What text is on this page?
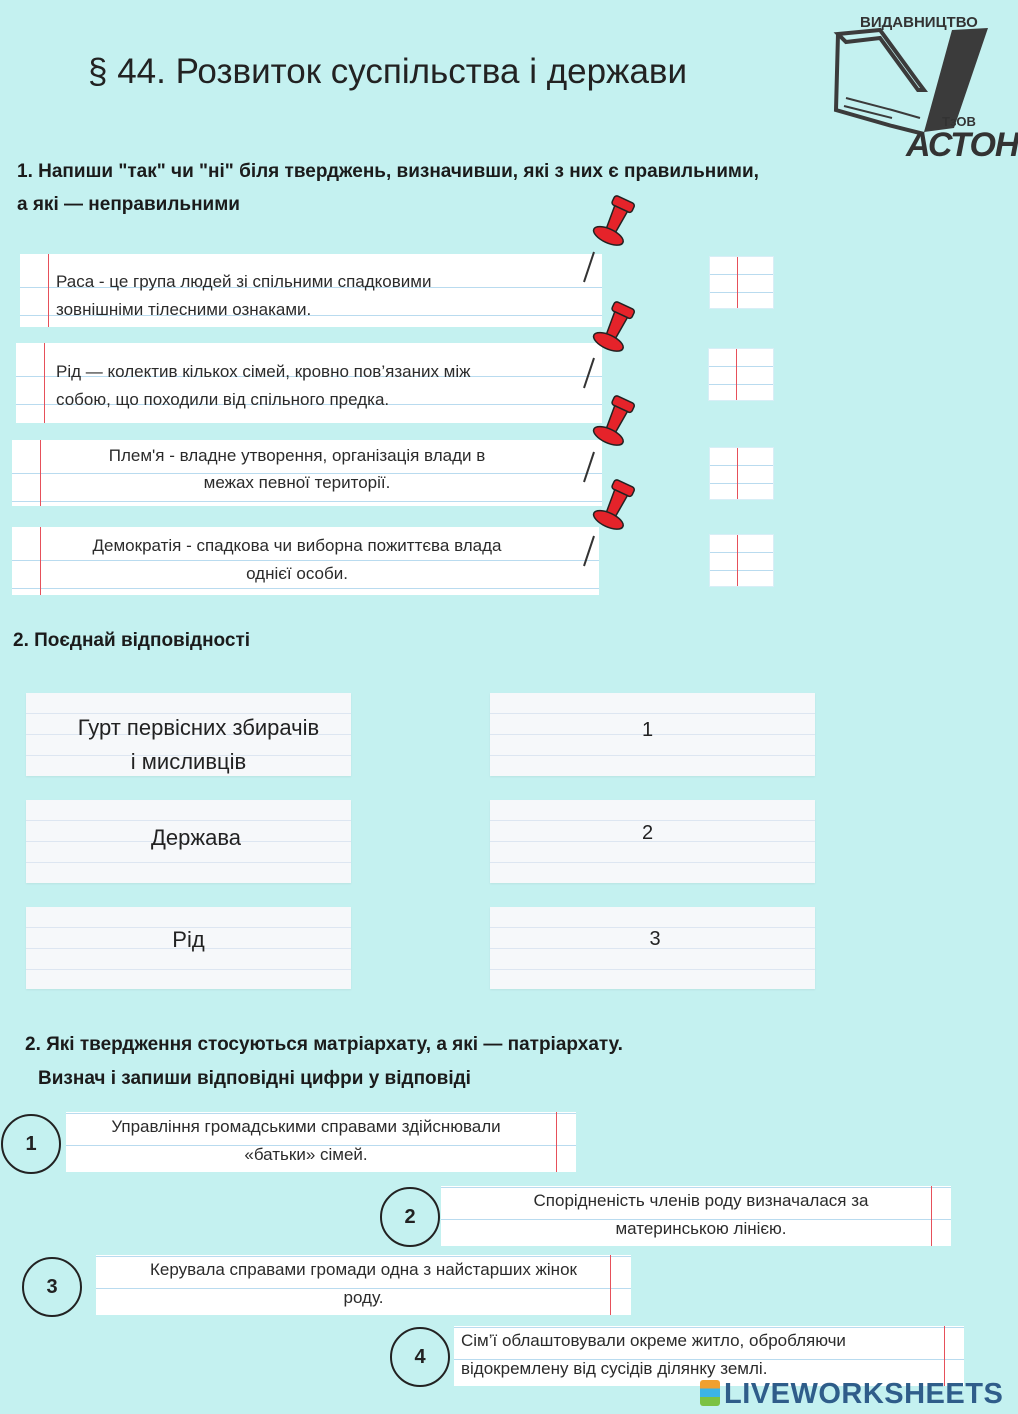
ВИДАВНИЦТВО
ТзОВ
АСТОН
§ 44. Розвиток суспільства і держави
1. Напиши "так" чи "ні" біля тверджень, визначивши, які з них є правильними,
а які — неправильними
Раса - це група людей зі спільними спадковими
зовнішніми тілесними ознаками.
Рід — колектив кількох сімей, кровно пов’язаних між
собою, що походили від спільного предка.
Плем'я - владне утворення, організація влади в
межах певної території.
Демократія - спадкова чи виборна пожиттєва влада
однієї особи.
2. Поєднай відповідності
Гурт первісних збирачів
і мисливців
Держава
Рід
1
2
3
2. Які твердження стосуються матріархату, а які — патріархату.
Визнач і запиши відповідні цифри у відповіді
1
Управління громадськими справами здійснювали
«батьки» сімей.
2
Спорідненість членів роду визначалася за
материнською лінією.
3
Керувала справами громади одна з найстарших жінок
роду.
4
Сім’ї облаштовували окреме житло, обробляючи
відокремлену від сусідів ділянку землі.
LIVEWORKSHEETS
